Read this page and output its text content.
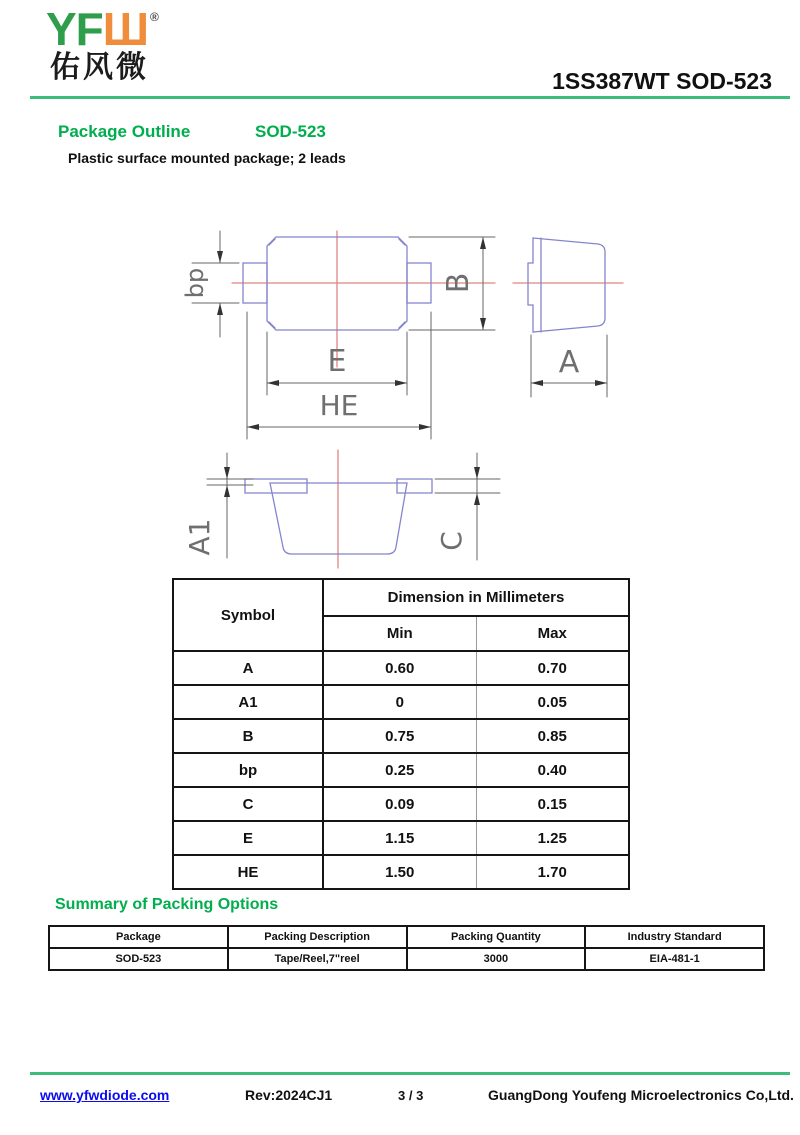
YFШ ®
佑风微	1SS387WT SOD-523
Package Outline	SOD-523
Plastic surface mounted package; 2 leads
bp	B
E
HE
A
A1	C
Symbol	Dimension in Millimeters	
	Min	Max
A	0.60	0.70
A1	0	0.05
B	0.75	0.85
bp	0.25	0.40
C	0.09	0.15
E	1.15	1.25
HE	1.50	1.70
Summary of Packing Options
Package	Packing Description	Packing Quantity	Industry Standard
SOD-523	Tape/Reel,7"reel	3000	EIA-481-1
www.yfwdiode.com	Rev:2024CJ1	3 / 3	GuangDong Youfeng Microelectronics Co,Ltd.
